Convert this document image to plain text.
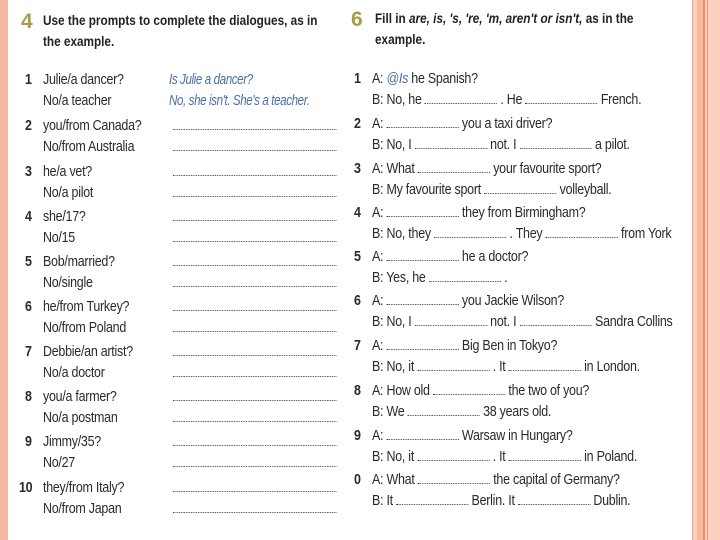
4 Use the prompts to complete the dialogues, as in
the example.
1 Julie/a dancer?
No/a teacher
Is Julie a dancer?
No, she isn't. She's a teacher.
2 you/from Canada?
No/from Australia
3 he/a vet?
No/a pilot
4 she/17?
No/15
5 Bob/married?
No/single
6 he/from Turkey?
No/from Poland
7 Debbie/an artist?
No/a doctor
8 you/a farmer?
No/a postman
9 Jimmy/35?
No/27
10 they/from Italy?
No/from Japan
6 Fill in are, is, 's, 're, 'm, aren't or isn't, as in the
example.
1 A: @Is he Spanish?
B: No, he	. He	French.
2 A:	you a taxi driver?
B: No, I	not. I	a pilot.
3 A: What	your favourite sport?
B: My favourite sport	volleyball.
4 A:	they from Birmingham?
B: No, they	. They	from York
5 A:	he a doctor?
B: Yes, he	.
6 A:	you Jackie Wilson?
B: No, I	not. I	Sandra Collins
7 A:	Big Ben in Tokyo?
B: No, it	. It	in London.
8 A: How old	the two of you?
B: We	38 years old.
9 A:	Warsaw in Hungary?
B: No, it	. It	in Poland.
0 A: What	the capital of Germany?
B: It	Berlin. It	Dublin.
